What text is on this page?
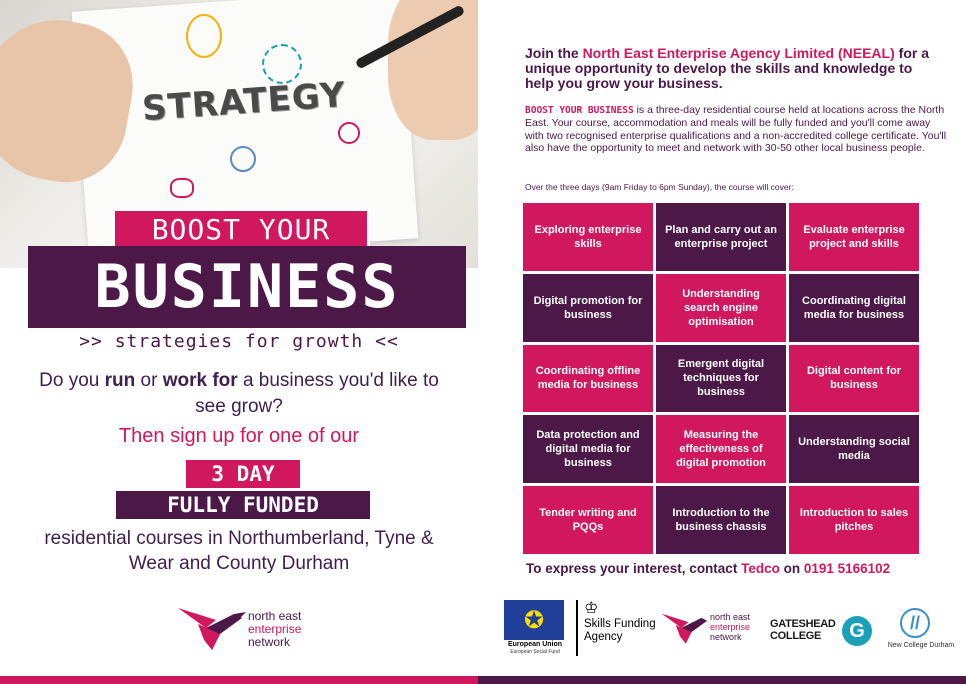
STRATEGY
BOOST YOUR
BUSINESS
>> strategies for growth <<
Do you run or work for a business you'd like to see grow?
Then sign up for one of our
3 DAY
FULLY FUNDED
residential courses in Northumberland, Tyne & Wear and County Durham
north east
enterprise
network
Join the North East Enterprise Agency Limited (NEEAL) for a unique opportunity to develop the skills and knowledge to help you grow your business.
BOOST YOUR BUSINESS is a three-day residential course held at locations across the North East. Your course, accommodation and meals will be fully funded and you'll come away with two recognised enterprise qualifications and a non-accredited college certificate. You'll also have the opportunity to meet and network with 30-50 other local business people.
Over the three days (9am Friday to 6pm Sunday), the course will cover:
Exploring enterprise skills
Plan and carry out an enterprise project
Evaluate enterprise project and skills
Digital promotion for business
Understanding search engine optimisation
Coordinating digital media for business
Coordinating offline media for business
Emergent digital techniques for business
Digital content for business
Data protection and digital media for business
Measuring the effectiveness of digital promotion
Understanding social media
Tender writing and PQQs
Introduction to the business chassis
Introduction to sales pitches
To express your interest, contact Tedco on 0191 5166102
✪
European Union
European Social Fund
♔
Skills Funding
Agency
north east
enterprise
network
GATESHEAD
COLLEGE	G	//
New College Durham
